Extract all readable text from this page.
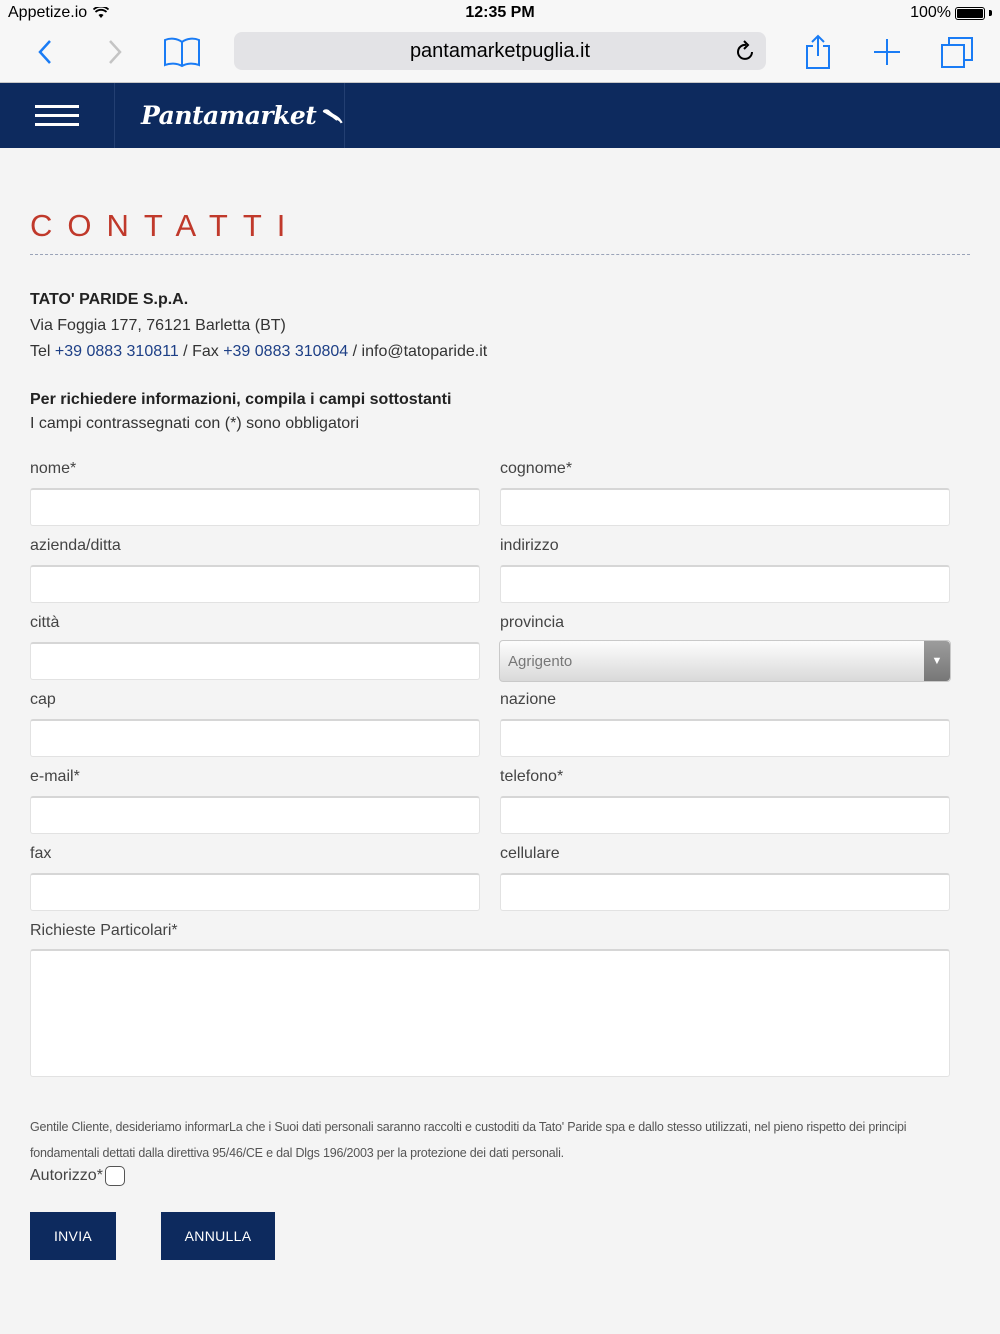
Appetize.io	12:35 PM	100%
pantamarketpuglia.it
Pantamarket
CONTATTI
TATO' PARIDE S.p.A.
Via Foggia 177, 76121 Barletta (BT)
Tel +39 0883 310811 / Fax +39 0883 310804 / info@tatoparide.it
Per richiedere informazioni, compila i campi sottostanti
I campi contrassegnati con (*) sono obbligatori
nome*	cognome*
azienda/ditta	indirizzo
città	provincia
Agrigento	▼
cap	nazione
e-mail*	telefono*
fax	cellulare
Richieste Particolari*
Gentile Cliente, desideriamo informarLa che i Suoi dati personali saranno raccolti e custoditi da Tato' Paride spa e dallo stesso utilizzati, nel pieno rispetto dei principi fondamentali dettati dalla direttiva 95/46/CE e dal Dlgs 196/2003 per la protezione dei dati personali.
Autorizzo*
INVIA	ANNULLA
